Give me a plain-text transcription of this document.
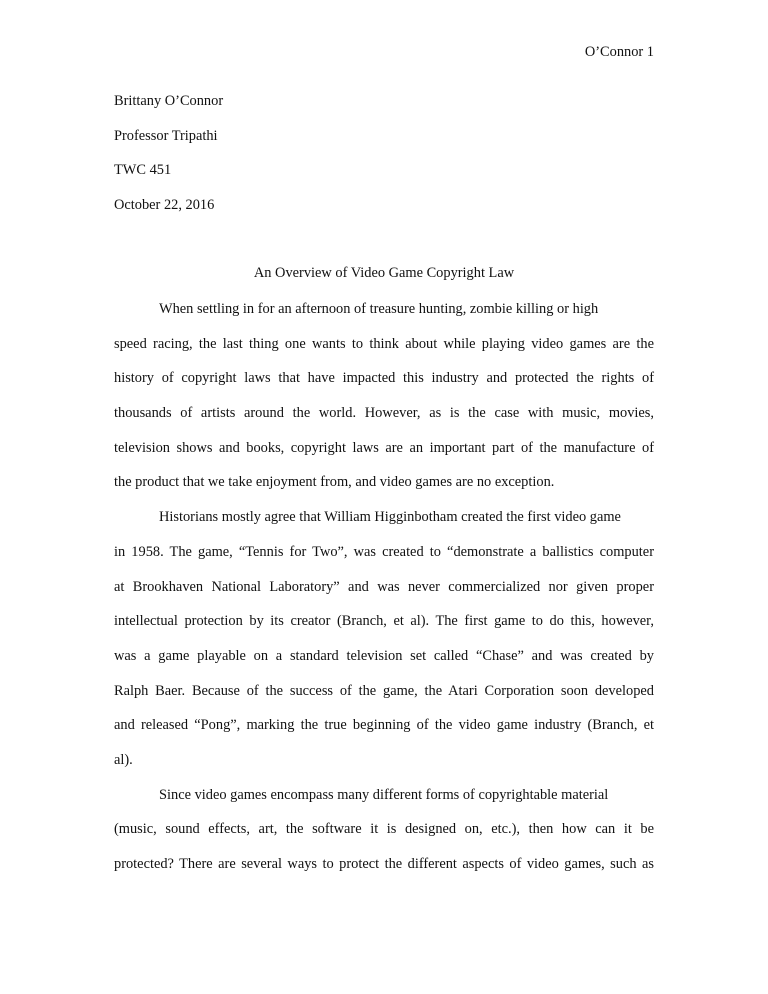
O’Connor 1
Brittany O’Connor
Professor Tripathi
TWC 451
October 22, 2016
An Overview of Video Game Copyright Law
When settling in for an afternoon of treasure hunting, zombie killing or high
speed racing, the last thing one wants to think about while playing video games are the
history of copyright laws that have impacted this industry and protected the rights of
thousands of artists around the world. However, as is the case with music, movies,
television shows and books, copyright laws are an important part of the manufacture of
the product that we take enjoyment from, and video games are no exception.
Historians mostly agree that William Higginbotham created the first video game
in 1958. The game, “Tennis for Two”, was created to “demonstrate a ballistics computer
at Brookhaven National Laboratory” and was never commercialized nor given proper
intellectual protection by its creator (Branch, et al). The first game to do this, however,
was a game playable on a standard television set called “Chase” and was created by
Ralph Baer. Because of the success of the game, the Atari Corporation soon developed
and released “Pong”, marking the true beginning of the video game industry (Branch, et
al).
Since video games encompass many different forms of copyrightable material
(music, sound effects, art, the software it is designed on, etc.), then how can it be
protected? There are several ways to protect the different aspects of video games, such as
